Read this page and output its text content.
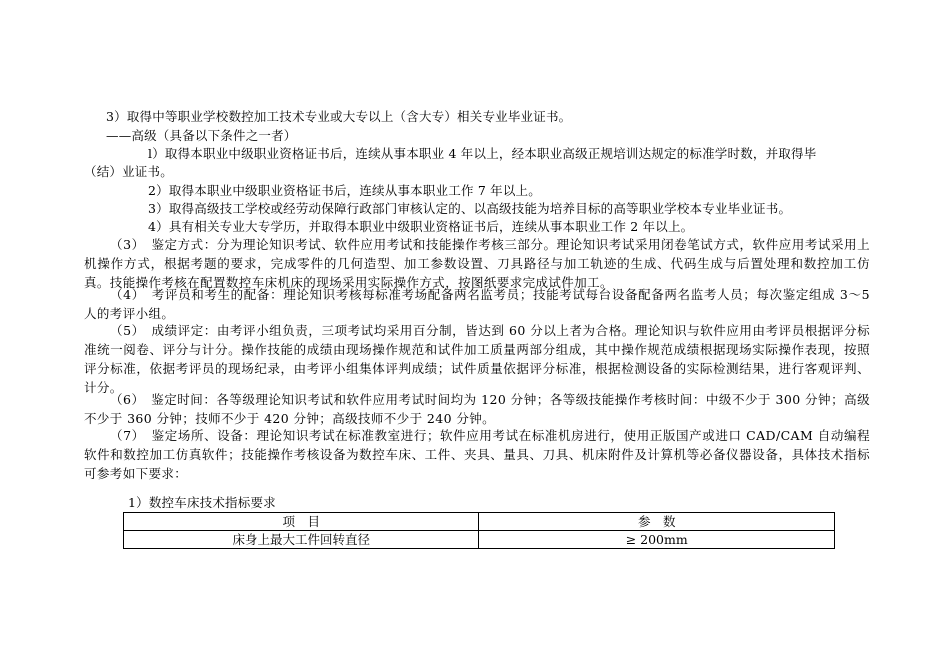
3）取得中等职业学校数控加工技术专业或大专以上（含大专）相关专业毕业证书。
——高级（具备以下条件之一者）
l）取得本职业中级职业资格证书后，连续从事本职业 4 年以上，经本职业高级正规培训达规定的标准学时数，并取得毕
（结）业证书。
2）取得本职业中级职业资格证书后，连续从事本职业工作 7 年以上。
3）取得高级技工学校或经劳动保障行政部门审核认定的、以高级技能为培养目标的高等职业学校本专业毕业证书。
4）具有相关专业大专学历，并取得本职业中级职业资格证书后，连续从事本职业工作 2 年以上。
（3）　鉴定方式：分为理论知识考试、软件应用考试和技能操作考核三部分。理论知识考试采用闭卷笔试方式，软件应用考试采用上机操作方式，根据考题的要求，完成零件的几何造型、加工参数设置、刀具路径与加工轨迹的生成、代码生成与后置处理和数控加工仿真。技能操作考核在配置数控车床机床的现场采用实际操作方式，按图纸要求完成试件加工。
（4）　考评员和考生的配备：理论知识考核每标准考场配备两名监考员；技能考试每台设备配备两名监考人员；每次鉴定组成 3～5 人的考评小组。
（5）　成绩评定：由考评小组负责，三项考试均采用百分制，皆达到 60 分以上者为合格。理论知识与软件应用由考评员根据评分标准统一阅卷、评分与计分。操作技能的成绩由现场操作规范和试件加工质量两部分组成，其中操作规范成绩根据现场实际操作表现，按照评分标准，依据考评员的现场纪录，由考评小组集体评判成绩；试件质量依据评分标准，根据检测设备的实际检测结果，进行客观评判、计分。
（6）　鉴定时间：各等级理论知识考试和软件应用考试时间均为 120 分钟；各等级技能操作考核时间：中级不少于 300 分钟；高级不少于 360 分钟；技师不少于 420 分钟；高级技师不少于 240 分钟。
（7）　鉴定场所、设备：理论知识考试在标准教室进行；软件应用考试在标准机房进行，使用正版国产或进口 CAD/CAM 自动编程软件和数控加工仿真软件；技能操作考核设备为数控车床、工件、夹具、量具、刀具、机床附件及计算机等必备仪器设备，具体技术指标可参考如下要求：
1）数控车床技术指标要求
项　目	参　数
床身上最大工件回转直径	≥ 200mm
